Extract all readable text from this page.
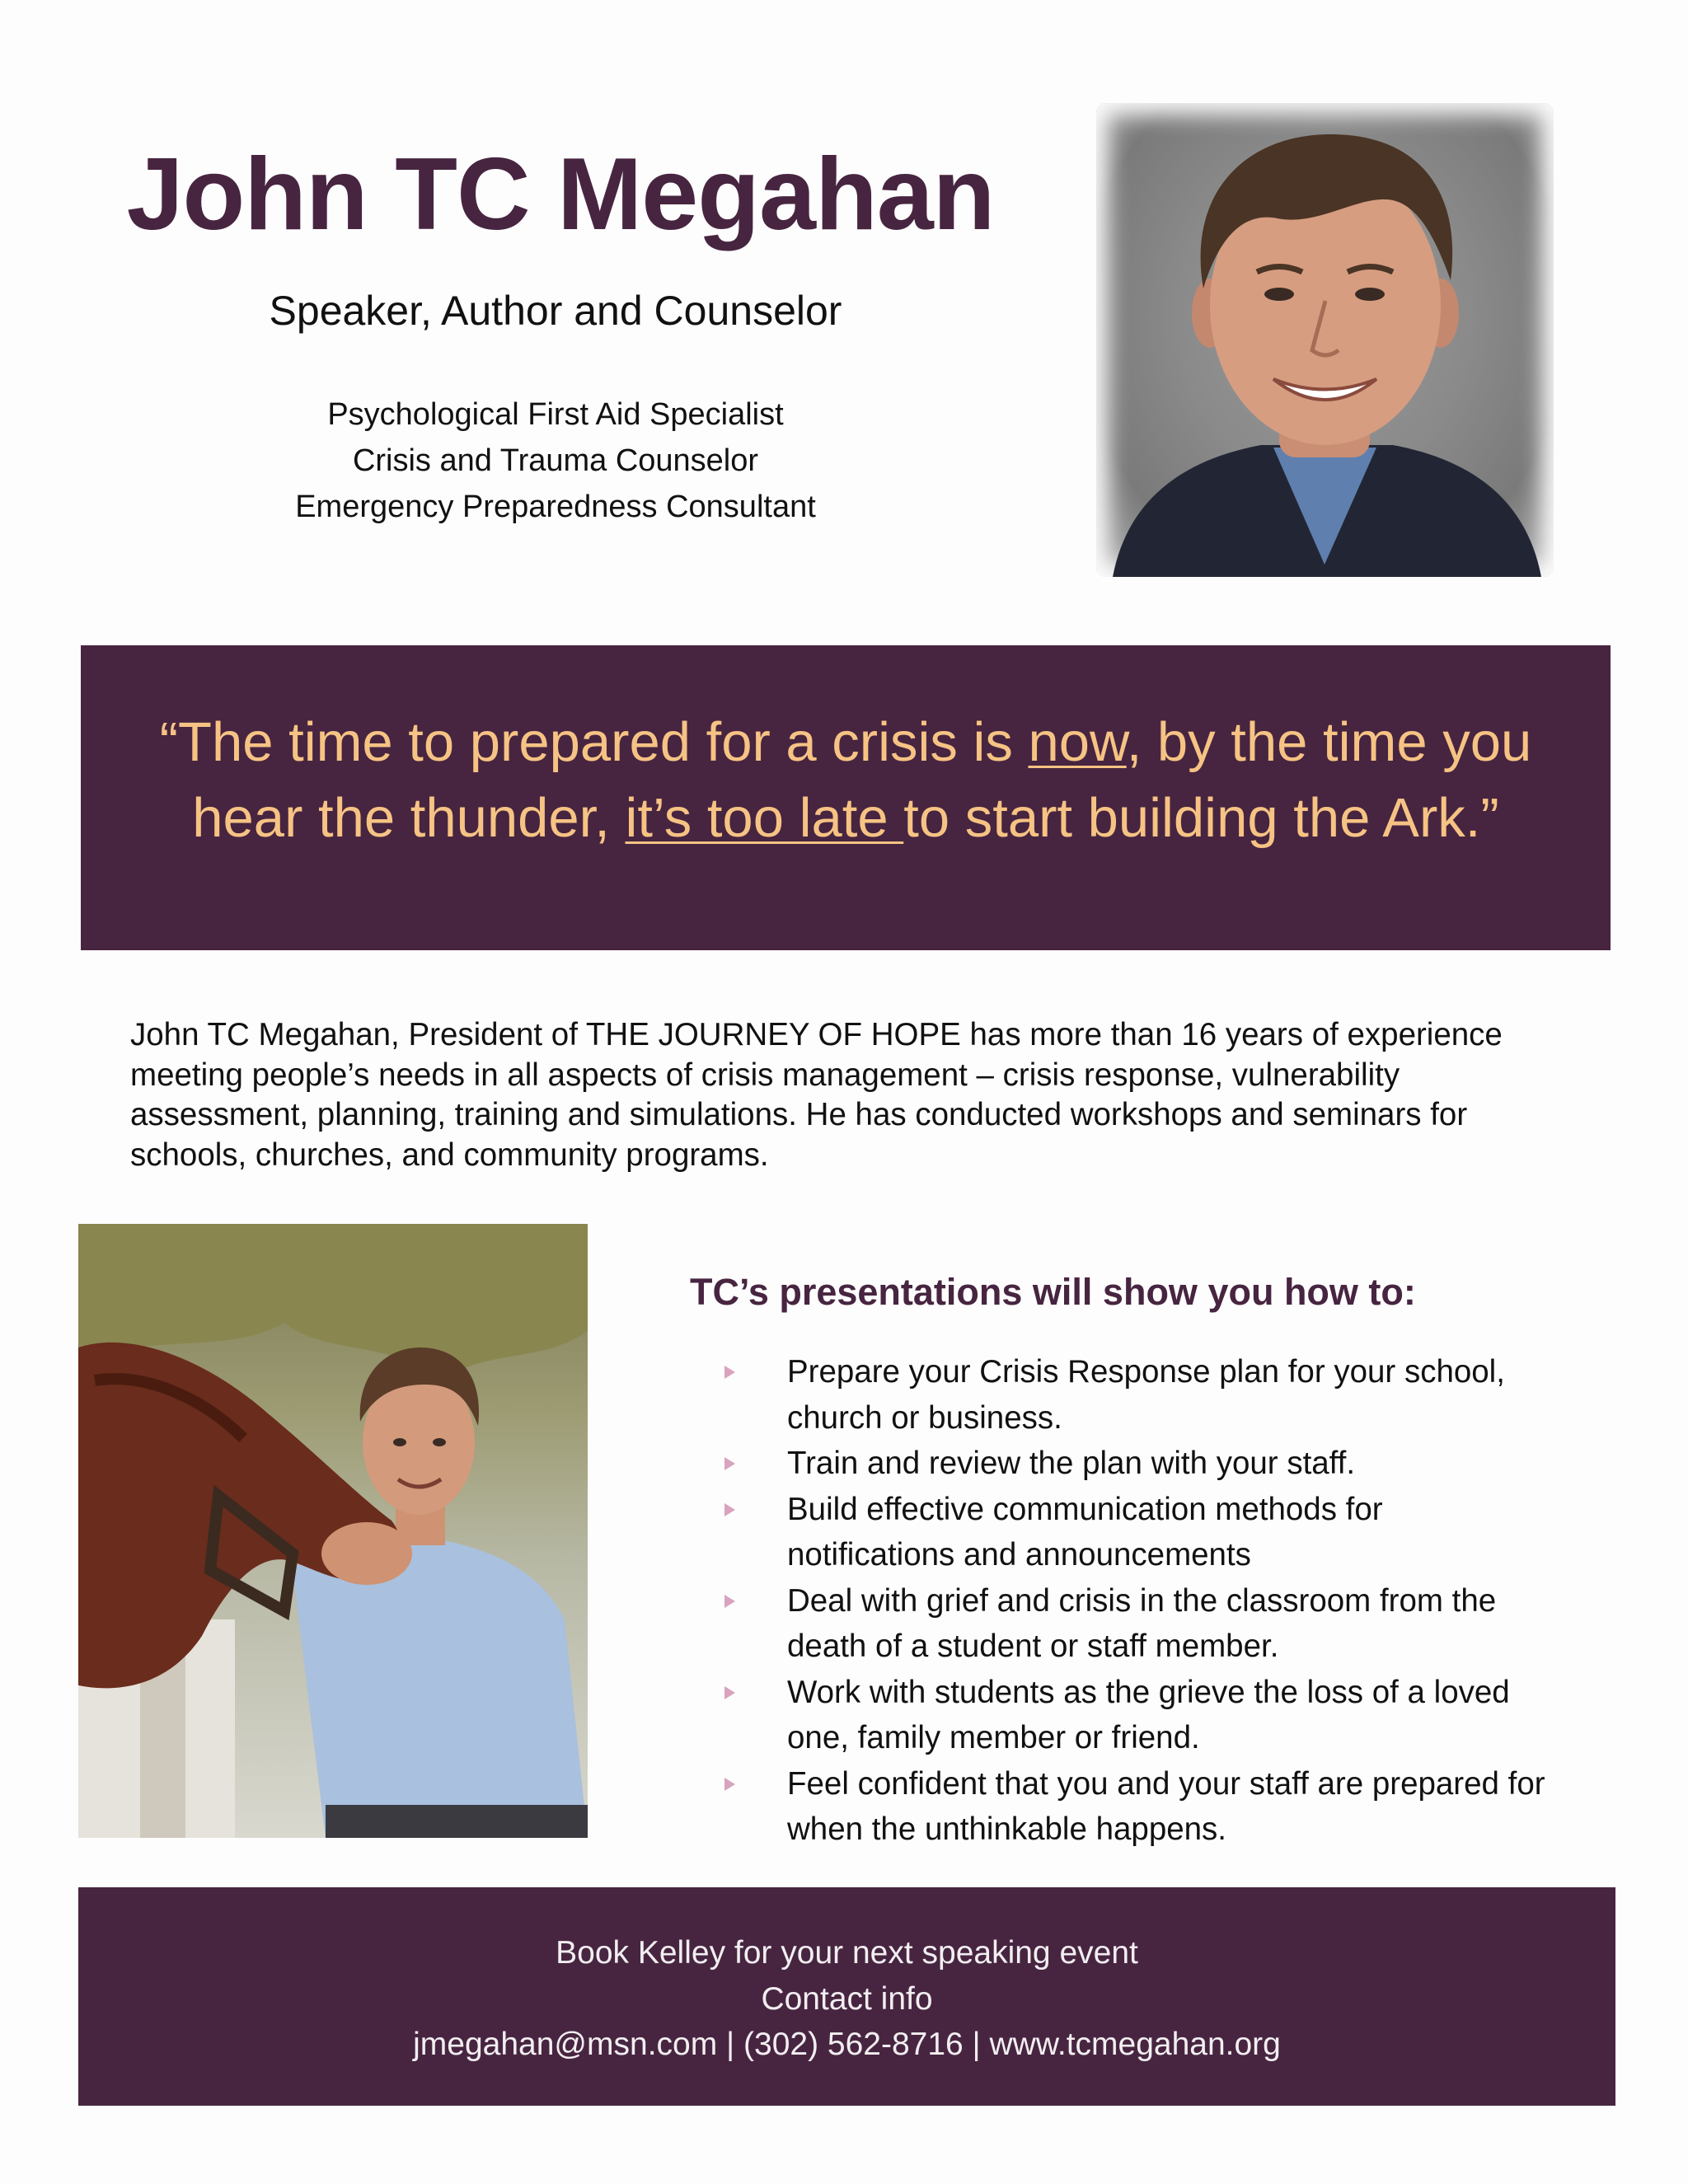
John TC Megahan
Speaker, Author and Counselor
Psychological First Aid Specialist
Crisis and Trauma Counselor
Emergency Preparedness Consultant
“The time to prepared for a crisis is now, by the time you
hear the thunder, it’s too late to start building the Ark.”
John TC Megahan, President of THE JOURNEY OF HOPE has more than 16 years of experience meeting people’s needs in all aspects of crisis management – crisis response, vulnerability assessment, planning, training and simulations. He has conducted workshops and seminars for schools, churches, and community programs.
TC’s presentations will show you how to:
Prepare your Crisis Response plan for your school, church or business.
Train and review the plan with your staff.
Build effective communication methods for notifications and announcements
Deal with grief and crisis in the classroom from the death of a student or staff member.
Work with students as the grieve the loss of a loved one, family member or friend.
Feel confident that you and your staff are prepared for when the unthinkable happens.
Book Kelley for your next speaking event
Contact info
jmegahan@msn.com | (302) 562-8716 | www.tcmegahan.org
